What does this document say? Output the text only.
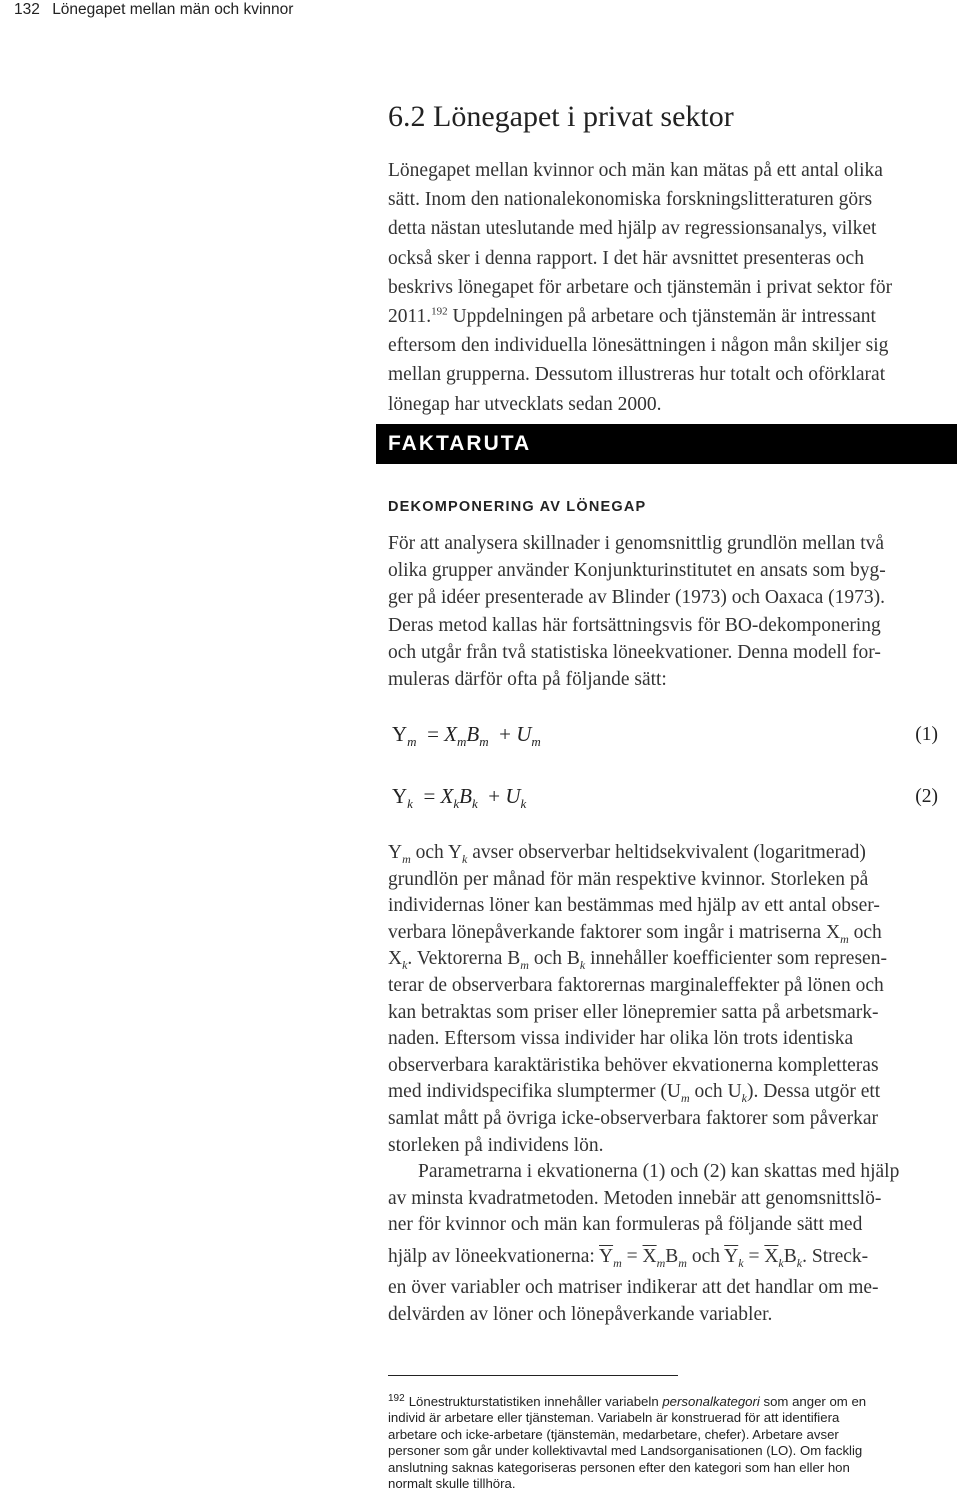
132 Lönegapet mellan män och kvinnor
6.2 Lönegapet i privat sektor
Lönegapet mellan kvinnor och män kan mätas på ett antal olika
sätt. Inom den nationalekonomiska forskningslitteraturen görs
detta nästan uteslutande med hjälp av regressionsanalys, vilket
också sker i denna rapport. I det här avsnittet presenteras och
beskrivs lönegapet för arbetare och tjänstemän i privat sektor för
2011.$^{192}$ Uppdelningen på arbetare och tjänstemän är intressant
eftersom den individuella lönesättningen i någon mån skiljer sig
mellan grupperna. Dessutom illustreras hur totalt och oförklarat
lönegap har utvecklats sedan 2000.
FAKTARUTA
DEKOMPONERING AV LÖNEGAP
För att analysera skillnader i genomsnittlig grundlön mellan två
olika grupper använder Konjunkturinstitutet en ansats som byg-
ger på idéer presenterade av Blinder (1973) och Oaxaca (1973).
Deras metod kallas här fortsättningsvis för BO-dekomponering
och utgår från två statistiska löneekvationer. Denna modell for-
muleras därför ofta på följande sätt:
$Y_m = X_mB_m + U_m$	(1)
$Y_k = X_kB_k + U_k$	(2)
$Y_m$ och $Y_k$ avser observerbar heltidsekvivalent (logaritmerad)
grundlön per månad för män respektive kvinnor. Storleken på
individernas löner kan bestämmas med hjälp av ett antal obser-
verbara lönepåverkande faktorer som ingår i matriserna $X_m$ och
$X_k$. Vektorerna $B_m$ och $B_k$ innehåller koefficienter som represen-
terar de observerbara faktorernas marginaleffekter på lönen och
kan betraktas som priser eller lönepremier satta på arbetsmark-
naden. Eftersom vissa individer har olika lön trots identiska
observerbara karaktäristika behöver ekvationerna kompletteras
med individspecifika slumptermer ($U_m$ och $U_k$). Dessa utgör ett
samlat mått på övriga icke-observerbara faktorer som påverkar
storleken på individens lön.
Parametrarna i ekvationerna (1) och (2) kan skattas med hjälp
av minsta kvadratmetoden. Metoden innebär att genomsnittslö-
ner för kvinnor och män kan formuleras på följande sätt med
hjälp av löneekvationerna: $\overline{Y}_m = \overline{X}_mB_m$ och $\overline{Y}_k = \overline{X}_kB_k$. Streck-
en över variabler och matriser indikerar att det handlar om me-
delvärden av löner och lönepåverkande variabler.
$^{192}$ Lönestrukturstatistiken innehåller variabeln personalkategori som anger om en
individ är arbetare eller tjänsteman. Variabeln är konstruerad för att identifiera
arbetare och icke-arbetare (tjänstemän, medarbetare, chefer). Arbetare avser
personer som går under kollektivavtal med Landsorganisationen (LO). Om facklig
anslutning saknas kategoriseras personen efter den kategori som han eller hon
normalt skulle tillhöra.
